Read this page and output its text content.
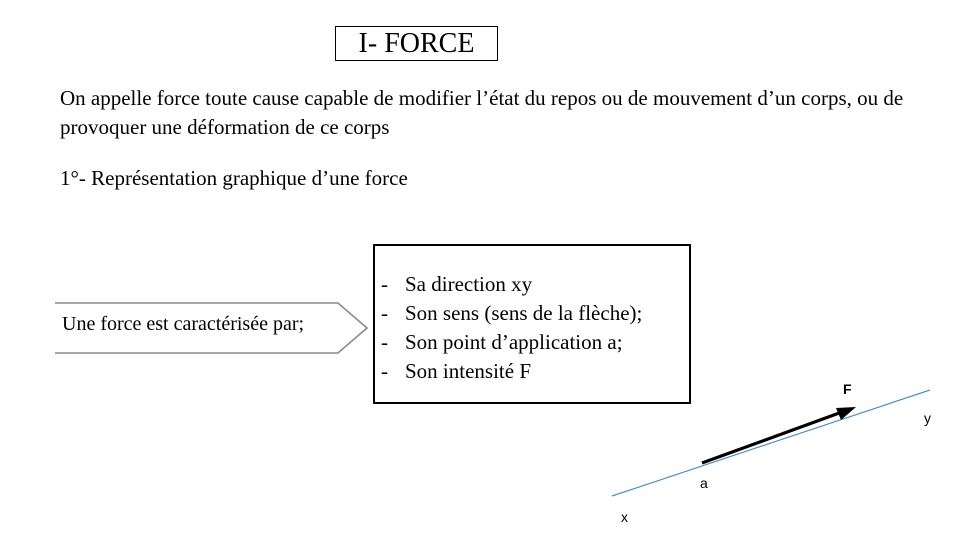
I- FORCE
On appelle force toute cause capable de modifier l’état du repos ou de mouvement d’un corps, ou de provoquer une déformation de ce corps
1°- Représentation graphique d’une force
F
y
a
x
Une force est caractérisée par;
- Sa direction xy
- Son sens (sens de la flèche);
- Son point d’application a;
- Son intensité F
